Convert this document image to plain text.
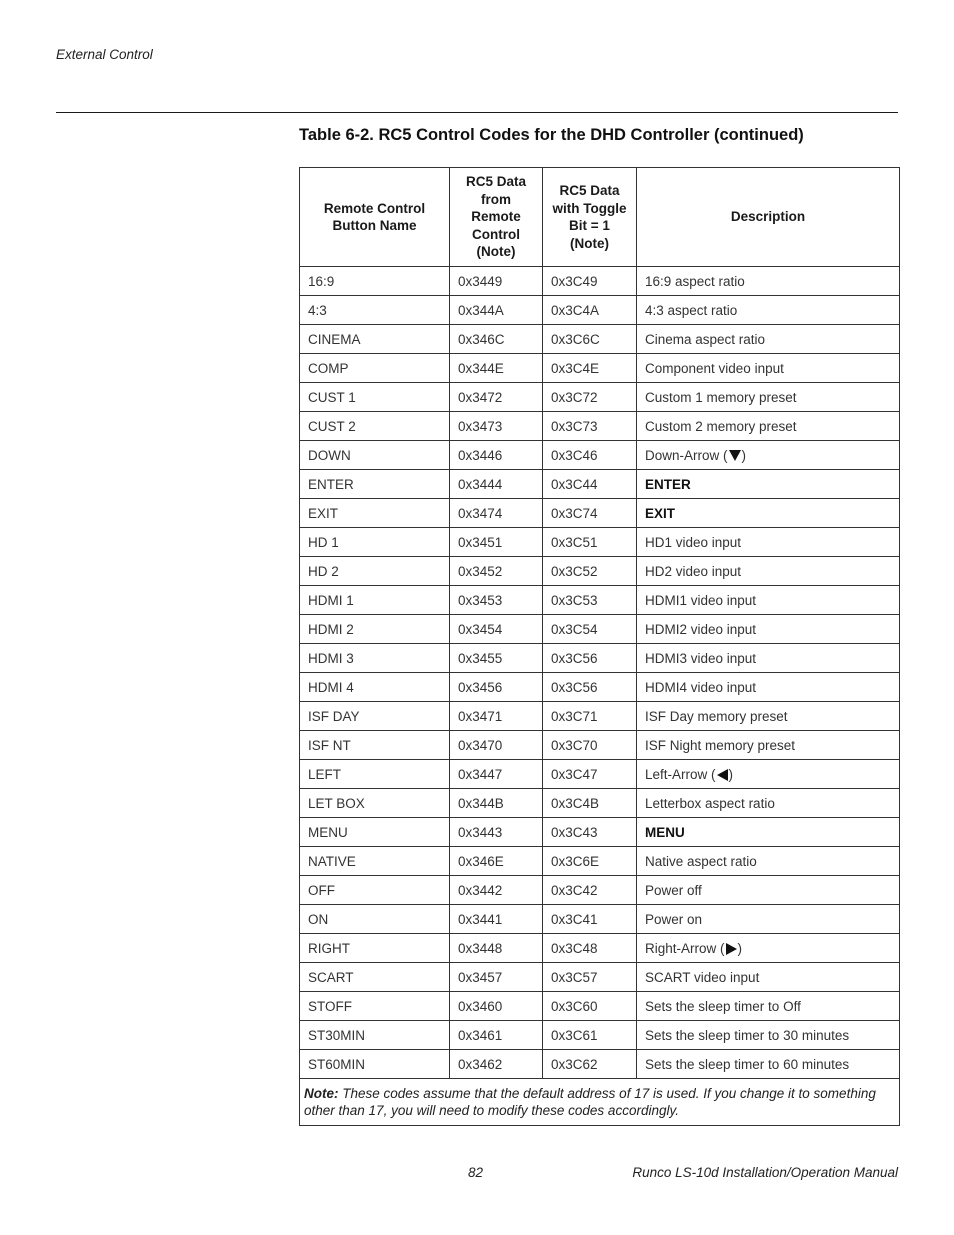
External Control
Table 6-2. RC5 Control Codes for the DHD Controller (continued)
Remote Control
Button Name	RC5 Data
from
Remote
Control
(Note)	RC5 Data
with Toggle
Bit = 1
(Note)	Description
16:9	0x3449	0x3C49	16:9 aspect ratio
4:3	0x344A	0x3C4A	4:3 aspect ratio
CINEMA	0x346C	0x3C6C	Cinema aspect ratio
COMP	0x344E	0x3C4E	Component video input
CUST 1	0x3472	0x3C72	Custom 1 memory preset
CUST 2	0x3473	0x3C73	Custom 2 memory preset
DOWN	0x3446	0x3C46	Down-Arrow ( )
ENTER	0x3444	0x3C44	ENTER
EXIT	0x3474	0x3C74	EXIT
HD 1	0x3451	0x3C51	HD1 video input
HD 2	0x3452	0x3C52	HD2 video input
HDMI 1	0x3453	0x3C53	HDMI1 video input
HDMI 2	0x3454	0x3C54	HDMI2 video input
HDMI 3	0x3455	0x3C56	HDMI3 video input
HDMI 4	0x3456	0x3C56	HDMI4 video input
ISF DAY	0x3471	0x3C71	ISF Day memory preset
ISF NT	0x3470	0x3C70	ISF Night memory preset
LEFT	0x3447	0x3C47	Left-Arrow ( )
LET BOX	0x344B	0x3C4B	Letterbox aspect ratio
MENU	0x3443	0x3C43	MENU
NATIVE	0x346E	0x3C6E	Native aspect ratio
OFF	0x3442	0x3C42	Power off
ON	0x3441	0x3C41	Power on
RIGHT	0x3448	0x3C48	Right-Arrow ( )
SCART	0x3457	0x3C57	SCART video input
STOFF	0x3460	0x3C60	Sets the sleep timer to Off
ST30MIN	0x3461	0x3C61	Sets the sleep timer to 30 minutes
ST60MIN	0x3462	0x3C62	Sets the sleep timer to 60 minutes
Note: These codes assume that the default address of 17 is used. If you change it to something other than 17, you will need to modify these codes accordingly.			
82	Runco LS-10d Installation/Operation Manual
